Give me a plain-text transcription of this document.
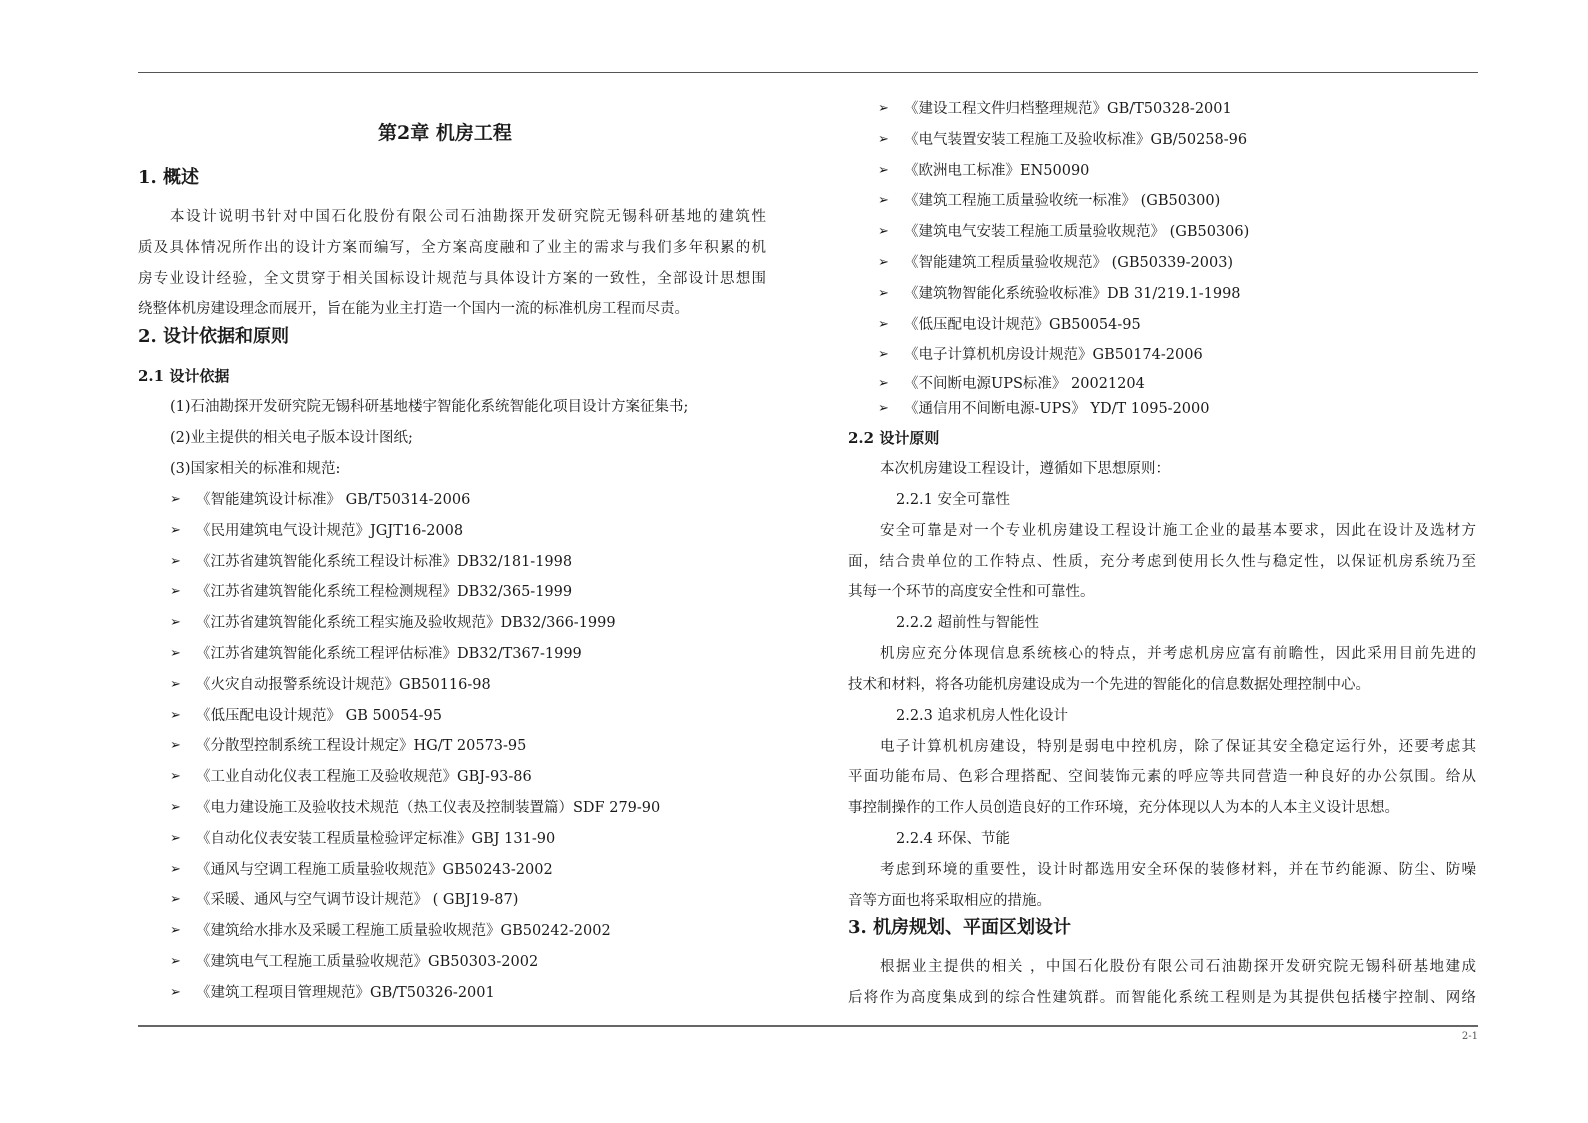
第2章 机房工程
1. 概述
本设计说明书针对中国石化股份有限公司石油勘探开发研究院无锡科研基地的建筑性
质及具体情况所作出的设计方案而编写，全方案高度融和了业主的需求与我们多年积累的机
房专业设计经验，全文贯穿于相关国标设计规范与具体设计方案的一致性，全部设计思想围
绕整体机房建设理念而展开，旨在能为业主打造一个国内一流的标准机房工程而尽责。
2. 设计依据和原则
2.1 设计依据
(1)石油勘探开发研究院无锡科研基地楼宇智能化系统智能化项目设计方案征集书;
(2)业主提供的相关电子版本设计图纸;
(3)国家相关的标准和规范:
➢ 《智能建筑设计标准》 GB/T50314-2006
➢ 《民用建筑电气设计规范》JGJT16-2008
➢ 《江苏省建筑智能化系统工程设计标准》DB32/181-1998
➢ 《江苏省建筑智能化系统工程检测规程》DB32/365-1999
➢ 《江苏省建筑智能化系统工程实施及验收规范》DB32/366-1999
➢ 《江苏省建筑智能化系统工程评估标准》DB32/T367-1999
➢ 《火灾自动报警系统设计规范》GB50116-98
➢ 《低压配电设计规范》 GB 50054-95
➢ 《分散型控制系统工程设计规定》HG/T 20573-95
➢ 《工业自动化仪表工程施工及验收规范》GBJ-93-86
➢ 《电力建设施工及验收技术规范（热工仪表及控制装置篇）SDF 279-90
➢ 《自动化仪表安装工程质量检验评定标准》GBJ 131-90
➢ 《通风与空调工程施工质量验收规范》GB50243-2002
➢ 《采暖、通风与空气调节设计规范》 ( GBJ19-87)
➢ 《建筑给水排水及采暖工程施工质量验收规范》GB50242-2002
➢ 《建筑电气工程施工质量验收规范》GB50303-2002
➢ 《建筑工程项目管理规范》GB/T50326-2001
➢ 《建设工程文件归档整理规范》GB/T50328-2001
➢ 《电气装置安装工程施工及验收标准》GB/50258-96
➢ 《欧洲电工标准》EN50090
➢ 《建筑工程施工质量验收统一标准》 (GB50300)
➢ 《建筑电气安装工程施工质量验收规范》 (GB50306)
➢ 《智能建筑工程质量验收规范》 (GB50339-2003)
➢ 《建筑物智能化系统验收标准》DB 31/219.1-1998
➢ 《低压配电设计规范》GB50054-95
➢ 《电子计算机机房设计规范》GB50174-2006
➢ 《不间断电源UPS标准》 20021204
➢ 《通信用不间断电源-UPS》 YD/T 1095-2000
2.2 设计原则
本次机房建设工程设计，遵循如下思想原则：
2.2.1 安全可靠性
安全可靠是对一个专业机房建设工程设计施工企业的最基本要求，因此在设计及选材方
面，结合贵单位的工作特点、性质，充分考虑到使用长久性与稳定性，以保证机房系统乃至
其每一个环节的高度安全性和可靠性。
2.2.2 超前性与智能性
机房应充分体现信息系统核心的特点，并考虑机房应富有前瞻性，因此采用目前先进的
技术和材料，将各功能机房建设成为一个先进的智能化的信息数据处理控制中心。
2.2.3 追求机房人性化设计
电子计算机机房建设，特别是弱电中控机房，除了保证其安全稳定运行外，还要考虑其
平面功能布局、色彩合理搭配、空间装饰元素的呼应等共同营造一种良好的办公氛围。给从
事控制操作的工作人员创造良好的工作环境，充分体现以人为本的人本主义设计思想。
2.2.4 环保、节能
考虑到环境的重要性，设计时都选用安全环保的装修材料，并在节约能源、防尘、防噪
音等方面也将采取相应的措施。
3. 机房规划、平面区划设计
根据业主提供的相关 ，中国石化股份有限公司石油勘探开发研究院无锡科研基地建成
后将作为高度集成到的综合性建筑群。而智能化系统工程则是为其提供包括楼宇控制、网络
2-1
